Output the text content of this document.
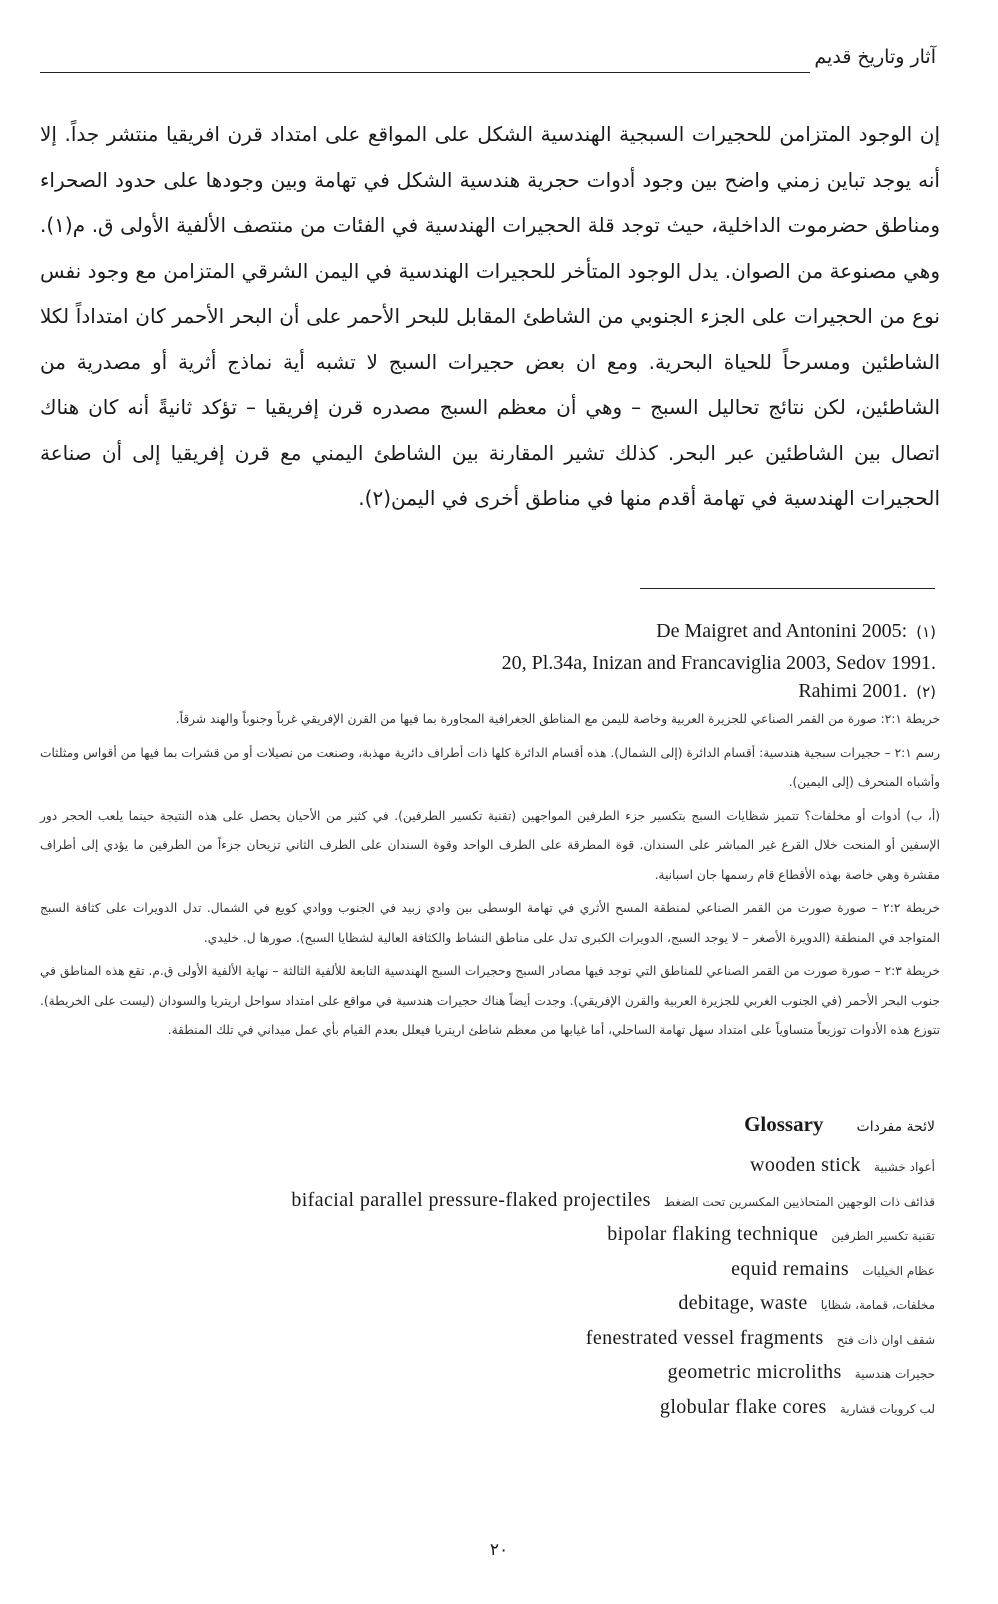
آثار وتاريخ قديم

إن الوجود المتزامن للحجيرات السبجية الهندسية الشكل على المواقع على امتداد قرن افريقيا منتشر جداً. إلا أنه يوجد تباين زمني واضح بين وجود أدوات حجرية هندسية الشكل في تهامة وبين وجودها على حدود الصحراء ومناطق حضرموت الداخلية، حيث توجد قلة الحجيرات الهندسية في الفئات من منتصف الألفية الأولى ق. م(١). وهي مصنوعة من الصوان. يدل الوجود المتأخر للحجيرات الهندسية في اليمن الشرقي المتزامن مع وجود نفس نوع من الحجيرات على الجزء الجنوبي من الشاطئ المقابل للبحر الأحمر على أن البحر الأحمر كان امتداداً لكلا الشاطئين ومسرحاً للحياة البحرية. ومع ان بعض حجيرات السبج لا تشبه أية نماذج أثرية أو مصدرية من الشاطئين، لكن نتائج تحاليل السبج – وهي أن معظم السبج مصدره قرن إفريقيا – تؤكد ثانيةً أنه كان هناك اتصال بين الشاطئين عبر البحر. كذلك تشير المقارنة بين الشاطئ اليمني مع قرن إفريقيا إلى أن صناعة الحجيرات الهندسية في تهامة أقدم منها في مناطق أخرى في اليمن(٢).

De Maigret and Antonini 2005: (١)
20, Pl.34a, Inizan and Francaviglia 2003, Sedov 1991.
Rahimi 2001. (٢)

خريطة ٢:١: صورة من القمر الصناعي للجزيرة العربية وخاصة لليمن مع المناطق الجغرافية المجاورة بما فيها من القرن الإفريقي غرباً وجنوباً والهند شرقاً.

رسم ٢:١ – حجيرات سبجية هندسية: أقسام الدائرة (إلى الشمال). هذه أقسام الدائرة كلها ذات أطراف دائرية مهذبة، وصنعت من نصيلات أو من قشرات بما فيها من أقواس ومثلثات وأشباه المنحرف (إلى اليمين).

(أ، ب) أدوات أو مخلفات؟ تتميز شظايات السبج بتكسير جزء الطرفين المواجهين (تقنية تكسير الطرفين). في كثير من الأحيان يحصل على هذه النتيجة حينما يلعب الحجر دور الإسفين أو المنحت خلال القرع غير المباشر على السندان. قوة المطرقة على الطرف الواحد وقوة السندان على الطرف الثاني تزيحان جزءاً من الطرفين ما يؤدي إلى أطراف مقشرة وهي خاصة بهذه الأقطاع قام رسمها جان اسبانية.

خريطة ٢:٢ – صورة صورت من القمر الصناعي لمنطقة المسح الأثري في تهامة الوسطى بين وادي زبيد في الجنوب ووادي كويع في الشمال. تدل الدويرات على كثافة السبج المتواجد في المنطقة (الدويرة الأصغر – لا يوجد السبج، الدويرات الكبرى تدل على مناطق النشاط والكثافة العالية لشظايا السبج). صورها ل. خليدي.

خريطة ٢:٣ – صورة صورت من القمر الصناعي للمناطق التي توجد فيها مصادر السبج وحجيرات السبج الهندسية التابعة للألفية الثالثة – نهاية الألفية الأولى ق.م. تقع هذه المناطق في جنوب البحر الأحمر (في الجنوب الغربي للجزيرة العربية والقرن الإفريقي). وجدت أيضاً هناك حجيرات هندسية في مواقع على امتداد سواحل اريتريا والسودان (ليست على الخريطة). تتوزع هذه الأدوات توزيعاً متساوياً على امتداد سهل تهامة الساحلي، أما غيابها من معظم شاطئ اريتريا فيعلل بعدم القيام بأي عمل ميداني في تلك المنطقة.

Glossary لائحة مفردات
wooden stick أعواد خشبية
bifacial parallel pressure-flaked projectiles قذائف ذات الوجهين المتحاذيين المكسرين تحت الضغط
bipolar flaking technique تقنية تكسير الطرفين
equid remains عظام الخيليات
debitage, waste مخلفات، قمامة، شظايا
fenestrated vessel fragments شقف اوان ذات فتح
geometric microliths حجيرات هندسية
globular flake cores لب كرويات قشارية
٢٠
